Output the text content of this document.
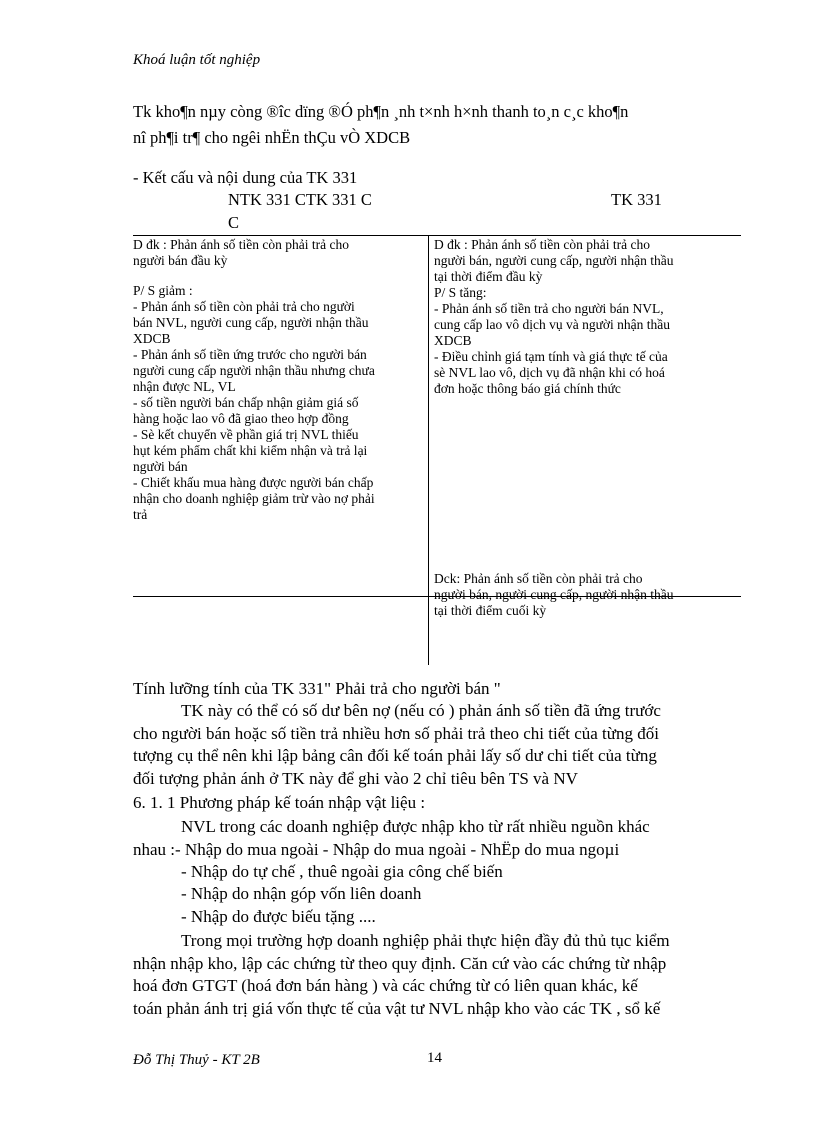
Khoá luận tốt nghiệp
Tk kho¶n nµy còng ®îc dïng ®Ó ph¶n ¸nh t×nh h×nh thanh to¸n c¸c kho¶n
nî ph¶i tr¶ cho ngêi nhËn thÇu vÒ XDCB
- Kết cấu và nội dung của TK 331
NTK 331 CTK 331 C
C
TK 331
D đk : Phản ánh số tiền còn phải trả cho
người bán đầu kỳ
P/ S giảm :
- Phản ánh số tiền còn phải trả cho người
bán NVL, người cung cấp, người nhận thầu
XDCB
- Phản ánh số tiền ứng trước cho người bán
người cung cấp người nhận thầu nhưng chưa
nhận được NL, VL
- số tiền người bán chấp nhận giảm giá số
hàng hoặc lao vô đã giao theo hợp đồng
- Sè kết chuyển về phần giá trị NVL thiếu
hụt kém phẩm chất khi kiểm nhận và trả lại
người bán
- Chiết khấu mua hàng được người bán chấp
nhận cho doanh nghiệp giảm trừ vào nợ phải
trả
D đk : Phản ánh số tiền còn phải trả cho
người bán, người cung cấp, người nhận thầu
tại thời điểm đầu kỳ
P/ S tăng:
- Phản ánh số tiền trả cho người bán NVL,
cung cấp lao vô dịch vụ và người nhận thầu
XDCB
- Điều chỉnh giá tạm tính và giá thực tế của
sè NVL lao vô, dịch vụ đã nhận khi có hoá
đơn hoặc thông báo giá chính thức
Dck: Phản ánh số tiền còn phải trả cho
người bán, người cung cấp, người nhận thầu
tại thời điểm cuối kỳ
Tính lưỡng tính của TK 331" Phải trả cho người bán "
TK này có thể có số dư bên nợ (nếu có ) phản ánh số tiền đã ứng trước
cho người bán hoặc số tiền trả nhiều hơn số phải trả theo chi tiết của từng đối
tượng cụ thể nên khi lập bảng cân đối kế toán phải lấy số dư chi tiết của từng
đối tượng phản ánh ở TK này để ghi vào 2 chỉ tiêu bên TS và NV
6. 1. 1 Phương pháp kế toán nhập vật liệu :
NVL trong các doanh nghiệp được nhập kho từ rất nhiều nguồn khác
nhau :- Nhập do mua ngoài - Nhập do mua ngoài - NhËp do mua ngoµi
- Nhập do tự chế , thuê ngoài gia công chế biến
- Nhập do nhận góp vốn liên doanh
- Nhập do được biếu tặng ....
Trong mọi trường hợp doanh nghiệp phải thực hiện đầy đủ thủ tục kiểm
nhận nhập kho, lập các chứng từ theo quy định. Căn cứ vào các chứng từ nhập
hoá đơn GTGT (hoá đơn bán hàng ) và các chứng từ có liên quan khác, kế
toán phản ánh trị giá vốn thực tế của vật tư NVL nhập kho vào các TK , sổ kế
Đỗ Thị Thuỷ - KT 2B	14
